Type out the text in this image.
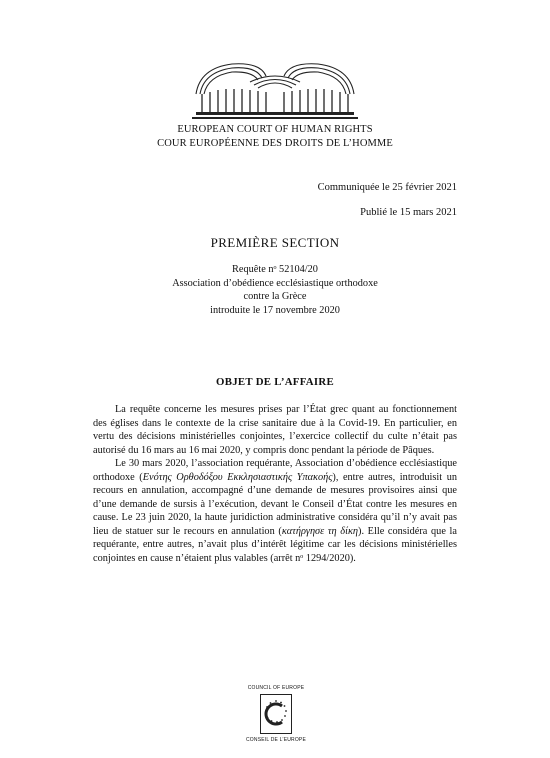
EUROPEAN COURT OF HUMAN RIGHTS
COUR EUROPÉENNE DES DROITS DE L’HOMME
Communiquée le 25 février 2021
Publié le 15 mars 2021
PREMIÈRE SECTION
Requête nᵒ 52104/20
Association d’obédience ecclésiastique orthodoxe
contre la Grèce
introduite le 17 novembre 2020
OBJET DE L’AFFAIRE

La requête concerne les mesures prises par l’État grec quant au fonctionnement des églises dans le contexte de la crise sanitaire due à la Covid-19. En particulier, en vertu des décisions ministérielles conjointes, l’exercice collectif du culte n’était pas autorisé du 16 mars au 16 mai 2020, y compris donc pendant la période de Pâques.

Le 30 mars 2020, l’association requérante, Association d’obédience ecclésiastique orthodoxe (Ενότης Ορθοδόξου Εκκλησιαστικής Υπακοής), entre autres, introduisit un recours en annulation, accompagné d’une demande de mesures provisoires ainsi que d’une demande de sursis à l’exécution, devant le Conseil d’État contre les mesures en cause. Le 23 juin 2020, la haute juridiction administrative considéra qu’il n’y avait pas lieu de statuer sur le recours en annulation (κατήργησε τη δίκη). Elle considéra que la requérante, entre autres, n’avait plus d’intérêt légitime car les décisions ministérielles conjointes en cause n’étaient plus valables (arrêt nᵒ 1294/2020).

COUNCIL OF EUROPE
CONSEIL DE L’EUROPE
